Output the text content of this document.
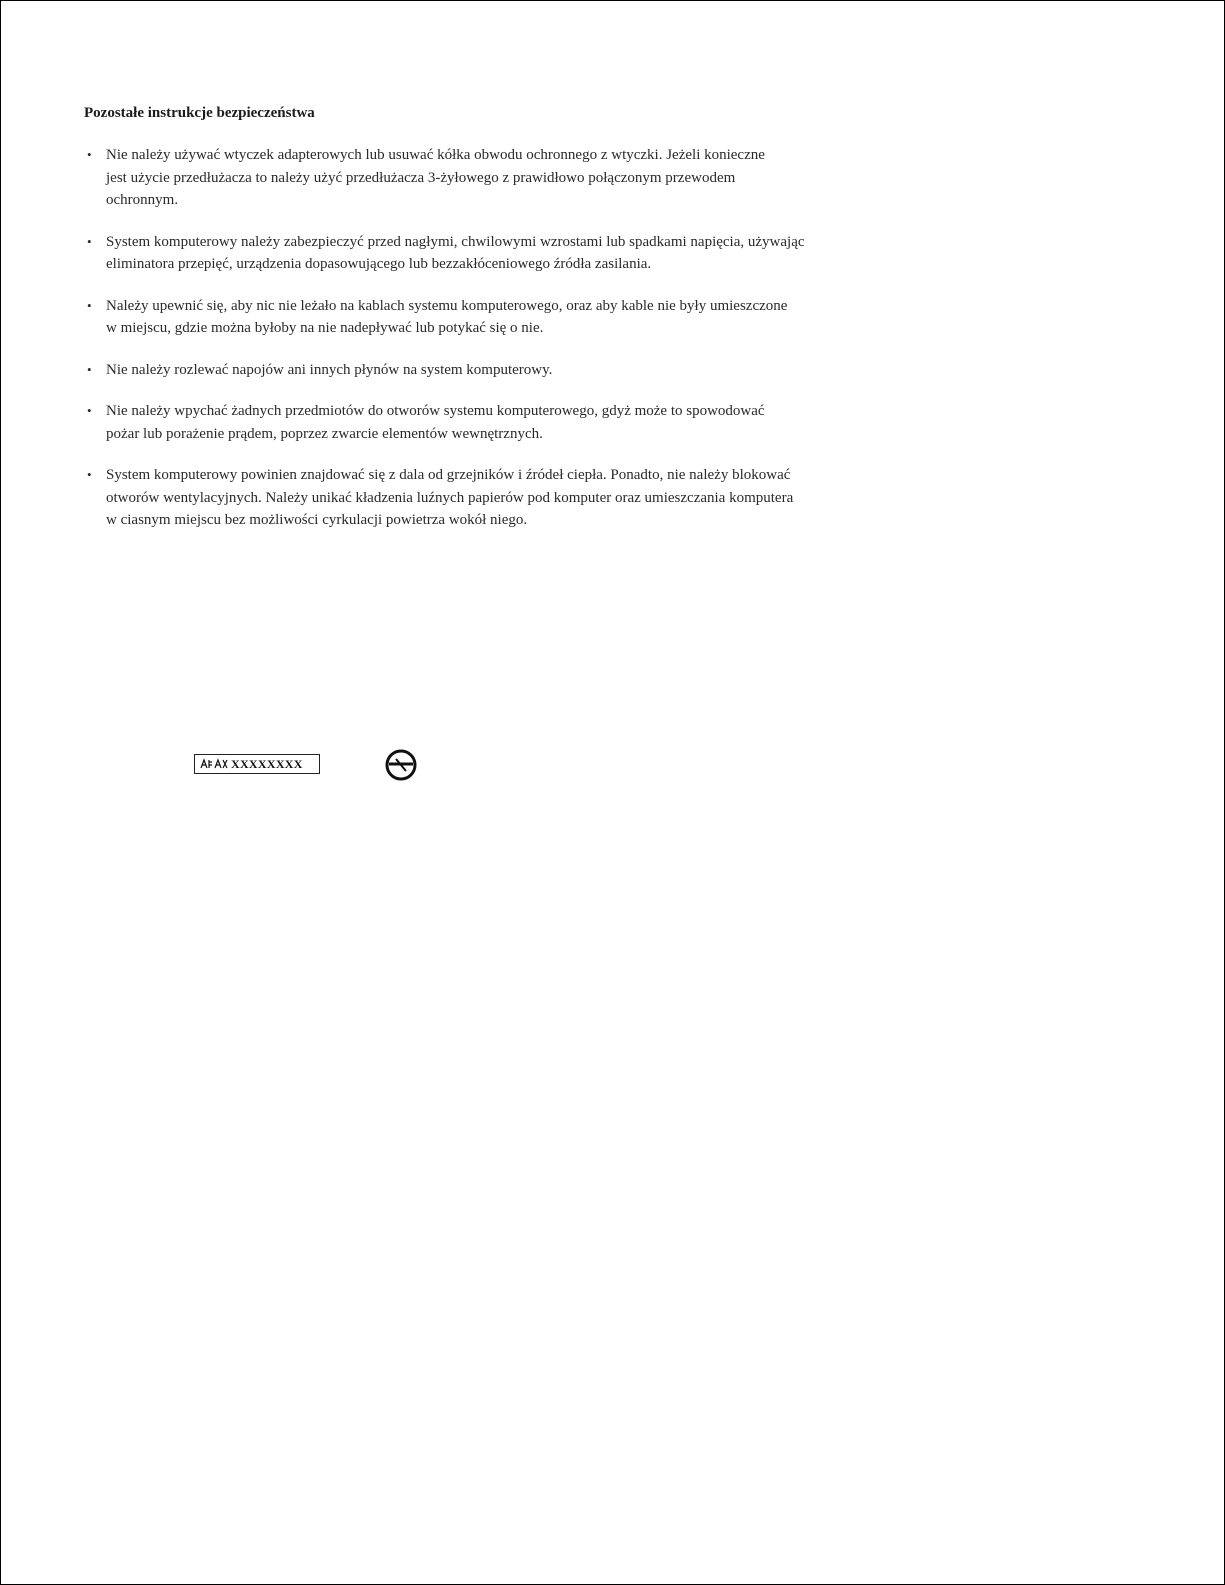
Pozostałe instrukcje bezpieczeństwa
• Nie należy używać wtyczek adapterowych lub usuwać kółka obwodu ochronnego z wtyczki. Jeżeli konieczne
jest użycie przedłużacza to należy użyć przedłużacza 3-żyłowego z prawidłowo połączonym przewodem
ochronnym.
• System komputerowy należy zabezpieczyć przed nagłymi, chwilowymi wzrostami lub spadkami napięcia, używając
eliminatora przepięć, urządzenia dopasowującego lub bezzakłóceniowego źródła zasilania.
• Należy upewnić się, aby nic nie leżało na kablach systemu komputerowego, oraz aby kable nie były umieszczone
w miejscu, gdzie można byłoby na nie nadepływać lub potykać się o nie.
• Nie należy rozlewać napojów ani innych płynów na system komputerowy.
• Nie należy wpychać żadnych przedmiotów do otworów systemu komputerowego, gdyż może to spowodować
pożar lub porażenie prądem, poprzez zwarcie elementów wewnętrznych.
• System komputerowy powinien znajdować się z dala od grzejników i źródeł ciepła. Ponadto, nie należy blokować
otworów wentylacyjnych. Należy unikać kładzenia luźnych papierów pod komputer oraz umieszczania komputera
w ciasnym miejscu bez możliwości cyrkulacji powietrza wokół niego.
XXXXXXXX
